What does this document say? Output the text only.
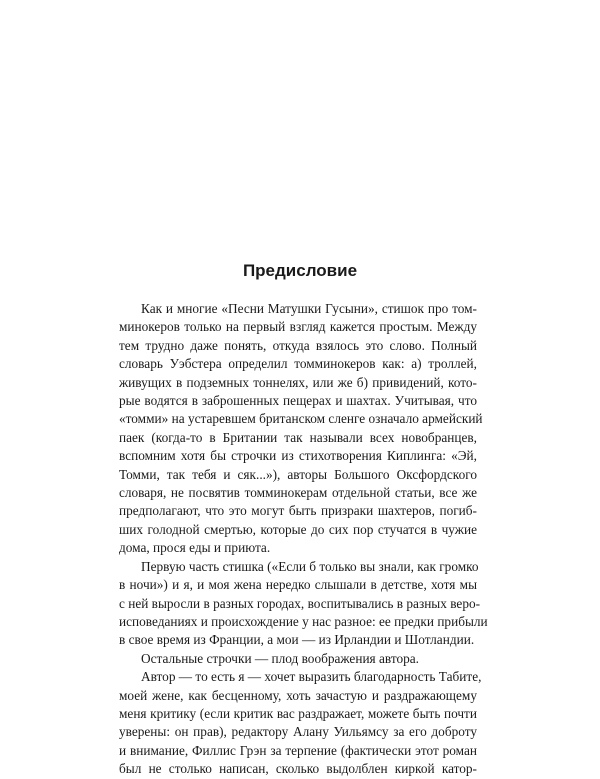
Предисловие
Как и многие «Песни Матушки Гусыни», стишок про том-
минокеров только на первый взгляд кажется простым. Между
тем трудно даже понять, откуда взялось это слово. Полный
словарь Уэбстера определил томминокеров как: а) троллей,
живущих в подземных тоннелях, или же б) привидений, кото-
рые водятся в заброшенных пещерах и шахтах. Учитывая, что
«томми» на устаревшем британском сленге означало армейский
паек (когда-то в Британии так называли всех новобранцев,
вспомним хотя бы строчки из стихотворения Киплинга: «Эй,
Томми, так тебя и сяк...»), авторы Большого Оксфордского
словаря, не посвятив томминокерам отдельной статьи, все же
предполагают, что это могут быть призраки шахтеров, погиб-
ших голодной смертью, которые до сих пор стучатся в чужие
дома, прося еды и приюта.
Первую часть стишка («Если б только вы знали, как громко
в ночи») и я, и моя жена нередко слышали в детстве, хотя мы
с ней выросли в разных городах, воспитывались в разных веро-
исповеданиях и происхождение у нас разное: ее предки прибыли
в свое время из Франции, а мои — из Ирландии и Шотландии.
Остальные строчки — плод воображения автора.
Автор — то есть я — хочет выразить благодарность Табите,
моей жене, как бесценному, хоть зачастую и раздражающему
меня критику (если критик вас раздражает, можете быть почти
уверены: он прав), редактору Алану Уильямсу за его доброту
и внимание, Филлис Грэн за терпение (фактически этот роман
был не столько написан, сколько выдолблен киркой катор-
